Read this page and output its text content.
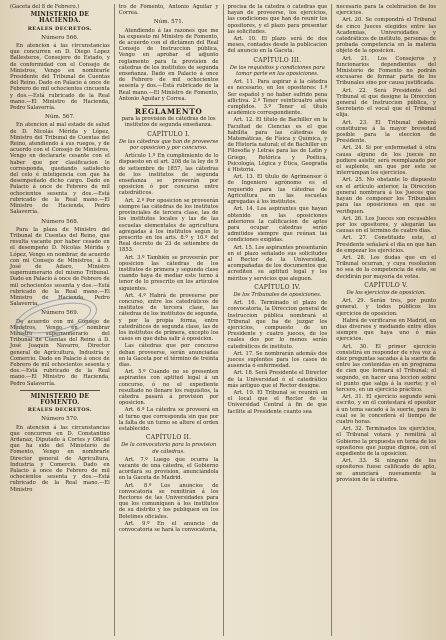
(Gaceta del 8 de Febrero.)
MINISTERIO DE HACIENDA.
REALES DECRETOS.
Número 566.

En atencion á las circunstancias que concurren en D. Diego Lopez Ballesteros, Consejero de Estado, y de conformidad con el Consejo de Ministros, Vengo en nombrarle Presidente del Tribunal de Cuentas del Reino. Dado en Palacio á once de Febrero de mil ochocientos cincuenta y dos.—Está rubricado de la Real mano.—El Ministro de Hacienda, Pedro Salaverría.

Núm. 567.

En atencion al mal estado de salud de D. Nicolás Mérida y López, Ministro del Tribunal de Cuentas del Reino, atendiendo á sus ruegos, y de acuerdo con el Consejo de Ministros, Vengo en declararle cesante con el haber que por clasificacion le corresponda, quedando satisfecho del celo é inteligencia con que ha desempeñado dicho cargo. Dado en Palacio á once de Febrero de mil ochocientos sesenta y dos.—Está rubricado de la Real mano.—El Ministro de Hacienda, Pedro Salaverría.

Número 568.

Para la plaza de Ministro del Tribunal de Cuentas del Reino, que resulta vacante por haber cesado en el desempeño D. Nicolás Mérida y López, Vengo en nombrar, de acuerdo con mi Consejo de Ministros, á D. José de Adaro, Ministro supernumerario del mismo Tribunal. Dado en Palacio á once de Febrero de mil ochocientos sesenta y dos.—Está rubricado de la Real mano.—El Ministro de Hacienda, Pedro Salaverría.

Número 569.

De acuerdo con mi Consejo de Ministros, Vengo en nombrar Ministro supernumerario del Tribunal de Cuentas del Reino á D. José Joaquin Navarro, Director general de Agricultura, Industria y Comercio. Dado en Palacio á once de Febrero de mil ochocientos sesenta y dos.—Está rubricado de la Real mano.—El Ministro de Hacienda, Pedro Salaverría.

MINISTERIO DE FOMENTO.
REALES DECRETOS.
Número 570.

En atencion á las circunstancias que concurren en D. Constantino Ardanaz, Diputado á Cortes y Oficial que ha sido del Ministerio de Fomento, Vengo en nombrarle Director general de Agricultura, Industria y Comercio. Dado en Palacio á once de Febrero de mil ochocientos sesenta y dos.—Está rubricado de la Real mano.—El Ministro

tro de Fomento, Antonio Aguilar y Correa.

Núm. 571.

Atendiendo á las razones que me ha expuesto mi Ministro de Fomento, de acuerdo con el dictámen del Real Consejo de Instruccion pública, Vengo en aprobar el adjunto reglamento para la provision de cátedras de los institutos de segunda enseñanza. Dado en Palacio á once de Febrero de mil ochocientos sesenta y dos.—Está rubricado de la Real mano.—El Ministro de Fomento, Antonio Aguilar y Correa.

REGLAMENTO
para la provision de cátedras de los institutos de segunda enseñanza.
CAPÍTULO I.
De las cátedras que han de proveerse por oposicion y por concurso.

Artículo 1.º En cumplimiento de lo dispuesto en el art. 208 de la ley de 9 de setiembre de 1857, las cátedras de los institutos de segunda enseñanza se proveerán por oposicion ó por concurso entre catedráticos.

Art. 2.º Por oposicion se proveerán siempre las cátedras de los institutos provinciales de tercera clase, las de los institutos locales y las de las escuelas elementales de agricultura agregadas á los institutos segun lo prescrito en los arts. 8.º y 10.º del Real decreto de 23 de setiembre de 1853.

Art. 3.º También se proveerán por oposicion las cátedras de los institutos de primera y segunda clase cuando haya de mediar este turno á tenor de lo prescrito en los artículos siguientes.

Art. 4.º Habrá de proveerse por concurso, entre los catedráticos de institutos de tercera clase, las cátedras de los institutos de segunda, y por la propia forma, entre catedráticos de segunda clase, las de los institutos de primera, excepto los casos en que deba salir á oposicion.

Las cátedras que por concurso deban proveerse, serán anunciadas en la Gaceta por el término de treinta dias.

Art. 5.º Cuando no se presenten aspirantes con aptitud legal á un concurso, ó no el expediente resultado no llenare los requisitos, la cátedra pasará á provision por oposicion.

Art. 6.º La cátedra se proveerá en el turno que corresponda sin que por la falta de un turno se altere el orden establecido.

CAPÍTULO II.
De la convocatoria para la provision de cátedras.

Art. 7.º Luego que ocurra la vacante de una cátedra, el Gobierno acordará su provision, anunciándola en la Gaceta de Madrid.

Art. 8.º Los anuncios de convocatoria se remitirán á los Rectores de las Universidades para que los comuniquen á los institutos de su distrito y los publiquen en los Boletines oficiales.

Art. 9.º En el anuncio de convocatoria se hará la convocatoria,

precisa de la cátedra ó cátedras que hayan de proveerse, los ejercicios, las condiciones que han de reunir los opositores, y el plazo para presentar las solicitudes.

Art. 10. El plazo será de dos meses, contados desde la publicacion del anuncio en la Gaceta.

CAPÍTULO III.
De los requisitos y condiciones para tomar parte en las oposiciones.

Art. 11. Para aspirar á la cátedra es necesario, en los opositores: 1.º Ser español y no haber sufrido pena aflictiva. 2.º Tener veinticuatro años cumplidos. 3.º Tener el título académico correspondiente.

Art. 12. El título de Bachiller en la Facultad de Ciencias es el que habilita para las cátedras de Matemáticas, de Física y Química, y de Historia natural; el de Bachiller en Filosofía y Letras para las de Latin y Griego, Retórica y Poética, Psicología, Lógica y Ética, Geografía é Historia.

Art. 13. El título de Agrimensor ó de Ingeniero agrónomo es el requerido para las cátedras de Agricultura en las escuelas agregadas á los institutos.

Art. 14. Los aspirantes que hayan obtenido en las oposiciones anteriores la calificacion de aptos para ocupar cátedras serán admitidos siempre que reúnan las condiciones exigidas.

Art. 15. Los aspirantes presentarán en el plazo señalado sus solicitudes al Rector de la Universidad, acompañadas de los documentos que acrediten su aptitud legal y los méritos y servicios que aleguen.

CAPÍTULO IV.
De los Tribunales de oposiciones.

Art. 16. Terminado el plazo de convocatoria, la Direccion general de Instruccion pública nombrará el Tribunal que ha de juzgar los ejercicios, compuesto de un Presidente y cuatro jueces, de los cuales dos por lo menos serán catedráticos de instituto.

Art. 17. Se nombrarán además dos jueces suplentes para los casos de ausencia ó enfermedad.

Art. 18. Será Presidente el Director de la Universidad ó el catedrático más antiguo que el Rector designe.

Art. 19. El Tribunal se reunirá en el local que el Rector de la Universidad Central á fin de que facilite al Presidente cuanto sea

necesario para la celebracion de los ejercicios.

Art. 20. Se compondrá el Tribunal de cinco Jueces elegidos entre las Academias, Universidades y catedráticos de instituto, personas de probada competencia en la materia objeto de la oposicion.

Art. 21. Los Consejeros y funcionarios dependientes del Ministerio de Fomento no podrán excusarse de formar parte de los Tribunales sino por causa justificada.

Art. 22. Será Presidente del Tribunal el que designe la Direccion general de Instruccion pública, y Secretario el vocal que el Tribunal elija.

Art. 23. El Tribunal deberá constituirse á la mayor brevedad posible para la eleccion de Presidente.

Art. 24. Si por enfermedad ú otra causa alguno de los jueces no pudiere asistir, será reemplazado por el suplente, sin que por esto se interrumpan los ejercicios.

Art. 25. No obstante lo dispuesto en el artículo anterior, la Direccion general nombrará á los Jueces que hayan de componer los Tribunales para las oposiciones en que se verifiquen.

Art. 26. Los Jueces son recusables por los opositores, y alegarán las causas en el término de cuatro dias.

Art. 27. Constituido este, el Presidente señalará el dia en que han de empezar los ejercicios.

Art. 28. Los dudas que en el Tribunal ocurran, y cuya resolucion no sea de la competencia de este, se decidirán por mayoría de votos.

CAPÍTULO V.
De los ejercicios de oposicion.

Art. 29. Serán tres, por punto general, y todos públicos los ejercicios de oposicion.

Habrá de verificarse en Madrid, en dias diversos y mediando entre ellos siempre que haya uno ó más ejercicios.

Art. 30. El primer ejercicio consistirá en responder de viva voz á diez preguntas sacadas á la suerte de entre las contenidas en un programa de cien que formará el Tribunal; el segundo, en hacer una leccion sobre el punto que salga á la suerte; y el tercero, en un ejercicio práctico.

Art. 31. El ejercicio segundo será escrito, y en él contestará el opositor á un tema sacado á la suerte, para lo cual se le concederá el tiempo de cuatro horas.

Art. 32. Terminados los ejercicios, el Tribunal votará y remitirá al Gobierno la propuesta en terna de los opositores que juzgue dignos, con el expediente de la oposicion.

Art. 33. Si ninguno de los opositores fuese calificado de apto, se anunciará nuevamente la provision de la cátedra.
